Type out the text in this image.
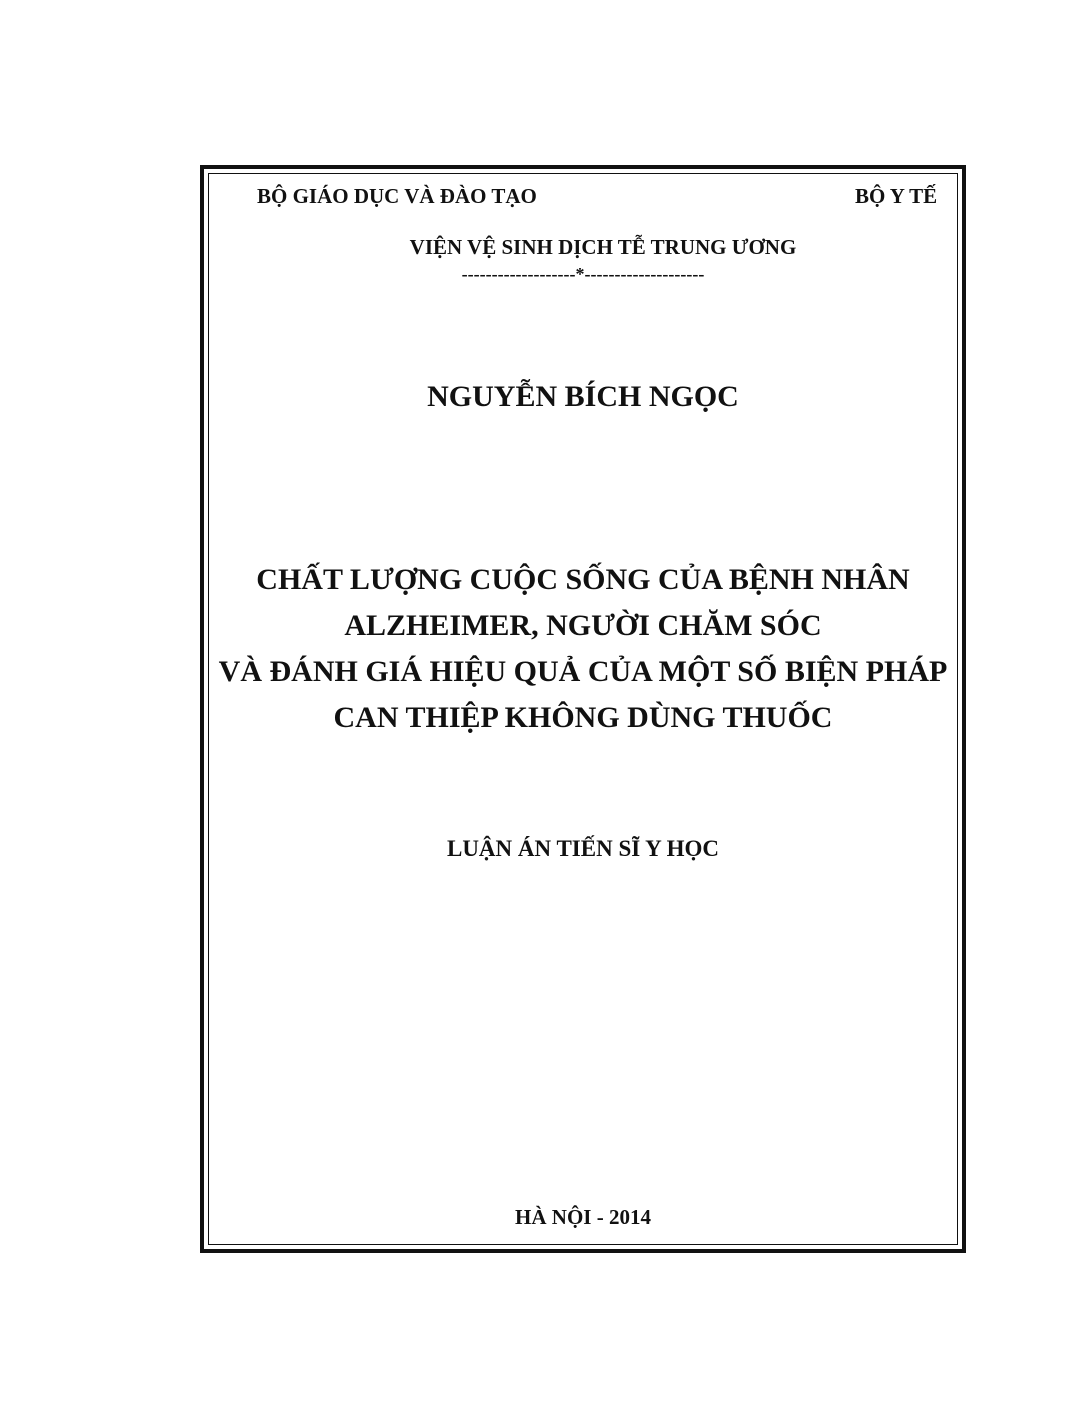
BỘ GIÁO DỤC VÀ ĐÀO TẠO	BỘ Y TẾ

VIỆN VỆ SINH DỊCH TỄ TRUNG ƯƠNG

-------------------*--------------------

NGUYỄN BÍCH NGỌC

CHẤT LƯỢNG CUỘC SỐNG CỦA BỆNH NHÂN
ALZHEIMER, NGƯỜI CHĂM SÓC
VÀ ĐÁNH GIÁ HIỆU QUẢ CỦA MỘT SỐ BIỆN PHÁP
CAN THIỆP KHÔNG DÙNG THUỐC

LUẬN ÁN TIẾN SĨ Y HỌC

HÀ NỘI - 2014
